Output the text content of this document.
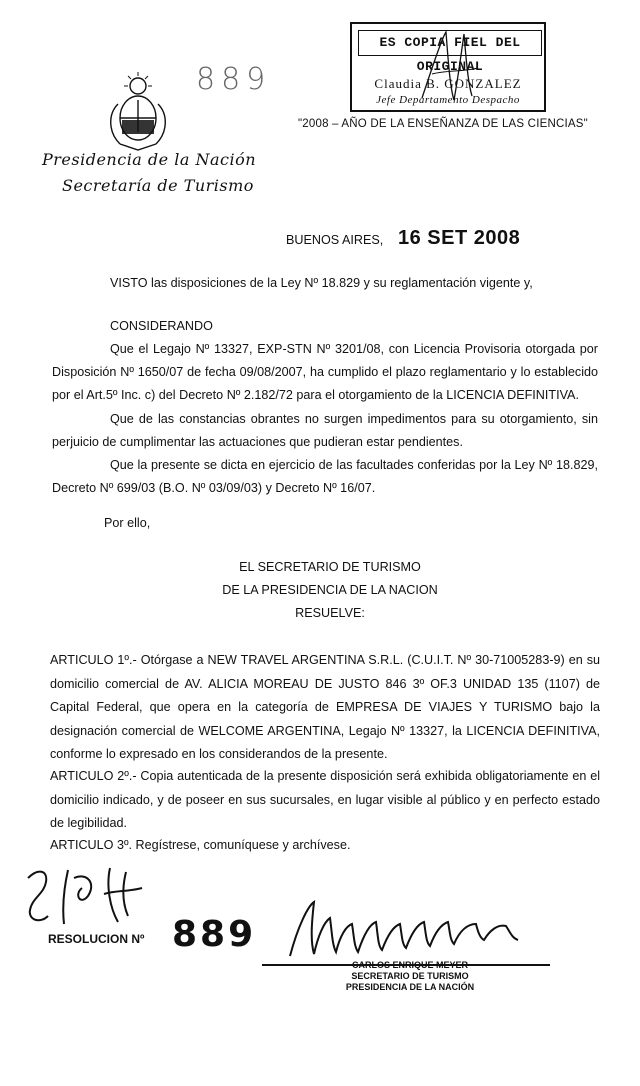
889
ES COPIA FIEL DEL ORIGINAL
Claudia B. GONZALEZ
Jefe Departamento Despacho
"2008 – AÑO DE LA ENSEÑANZA DE LAS CIENCIAS"
Presidencia de la Nación
Secretaría de Turismo
BUENOS AIRES, 16 SET 2008
VISTO las disposiciones de la Ley Nº 18.829 y su reglamentación vigente y,
CONSIDERANDO
Que el Legajo Nº 13327, EXP-STN Nº 3201/08, con Licencia Provisoria otorgada por Disposición Nº 1650/07 de fecha 09/08/2007, ha cumplido el plazo reglamentario y lo establecido por el Art.5º Inc. c) del Decreto Nº 2.182/72 para el otorgamiento de la LICENCIA DEFINITIVA.
Que de las constancias obrantes no surgen impedimentos para su otorgamiento, sin perjuicio de cumplimentar las actuaciones que pudieran estar pendientes.
Que la presente se dicta en ejercicio de las facultades conferidas por la Ley Nº 18.829, Decreto Nº 699/03 (B.O. Nº 03/09/03) y Decreto Nº 16/07.
Por ello,
EL SECRETARIO DE TURISMO
DE LA PRESIDENCIA DE LA NACION
RESUELVE:
ARTICULO 1º.- Otórgase a NEW TRAVEL ARGENTINA S.R.L. (C.U.I.T. Nº 30-71005283-9) en su domicilio comercial de AV. ALICIA MOREAU DE JUSTO 846 3º OF.3 UNIDAD 135 (1107) de Capital Federal, que opera en la categoría de EMPRESA DE VIAJES Y TURISMO bajo la designación comercial de WELCOME ARGENTINA, Legajo Nº 13327, la LICENCIA DEFINITIVA, conforme lo expresado en los considerandos de la presente.
ARTICULO 2º.- Copia autenticada de la presente disposición será exhibida obligatoriamente en el domicilio indicado, y de poseer en sus sucursales, en lugar visible al público y en perfecto estado de legibilidad.
ARTICULO 3º. Regístrese, comuníquese y archívese.
RESOLUCION Nº 889
CARLOS ENRIQUE MEYER
SECRETARIO DE TURISMO
PRESIDENCIA DE LA NACIÓN
